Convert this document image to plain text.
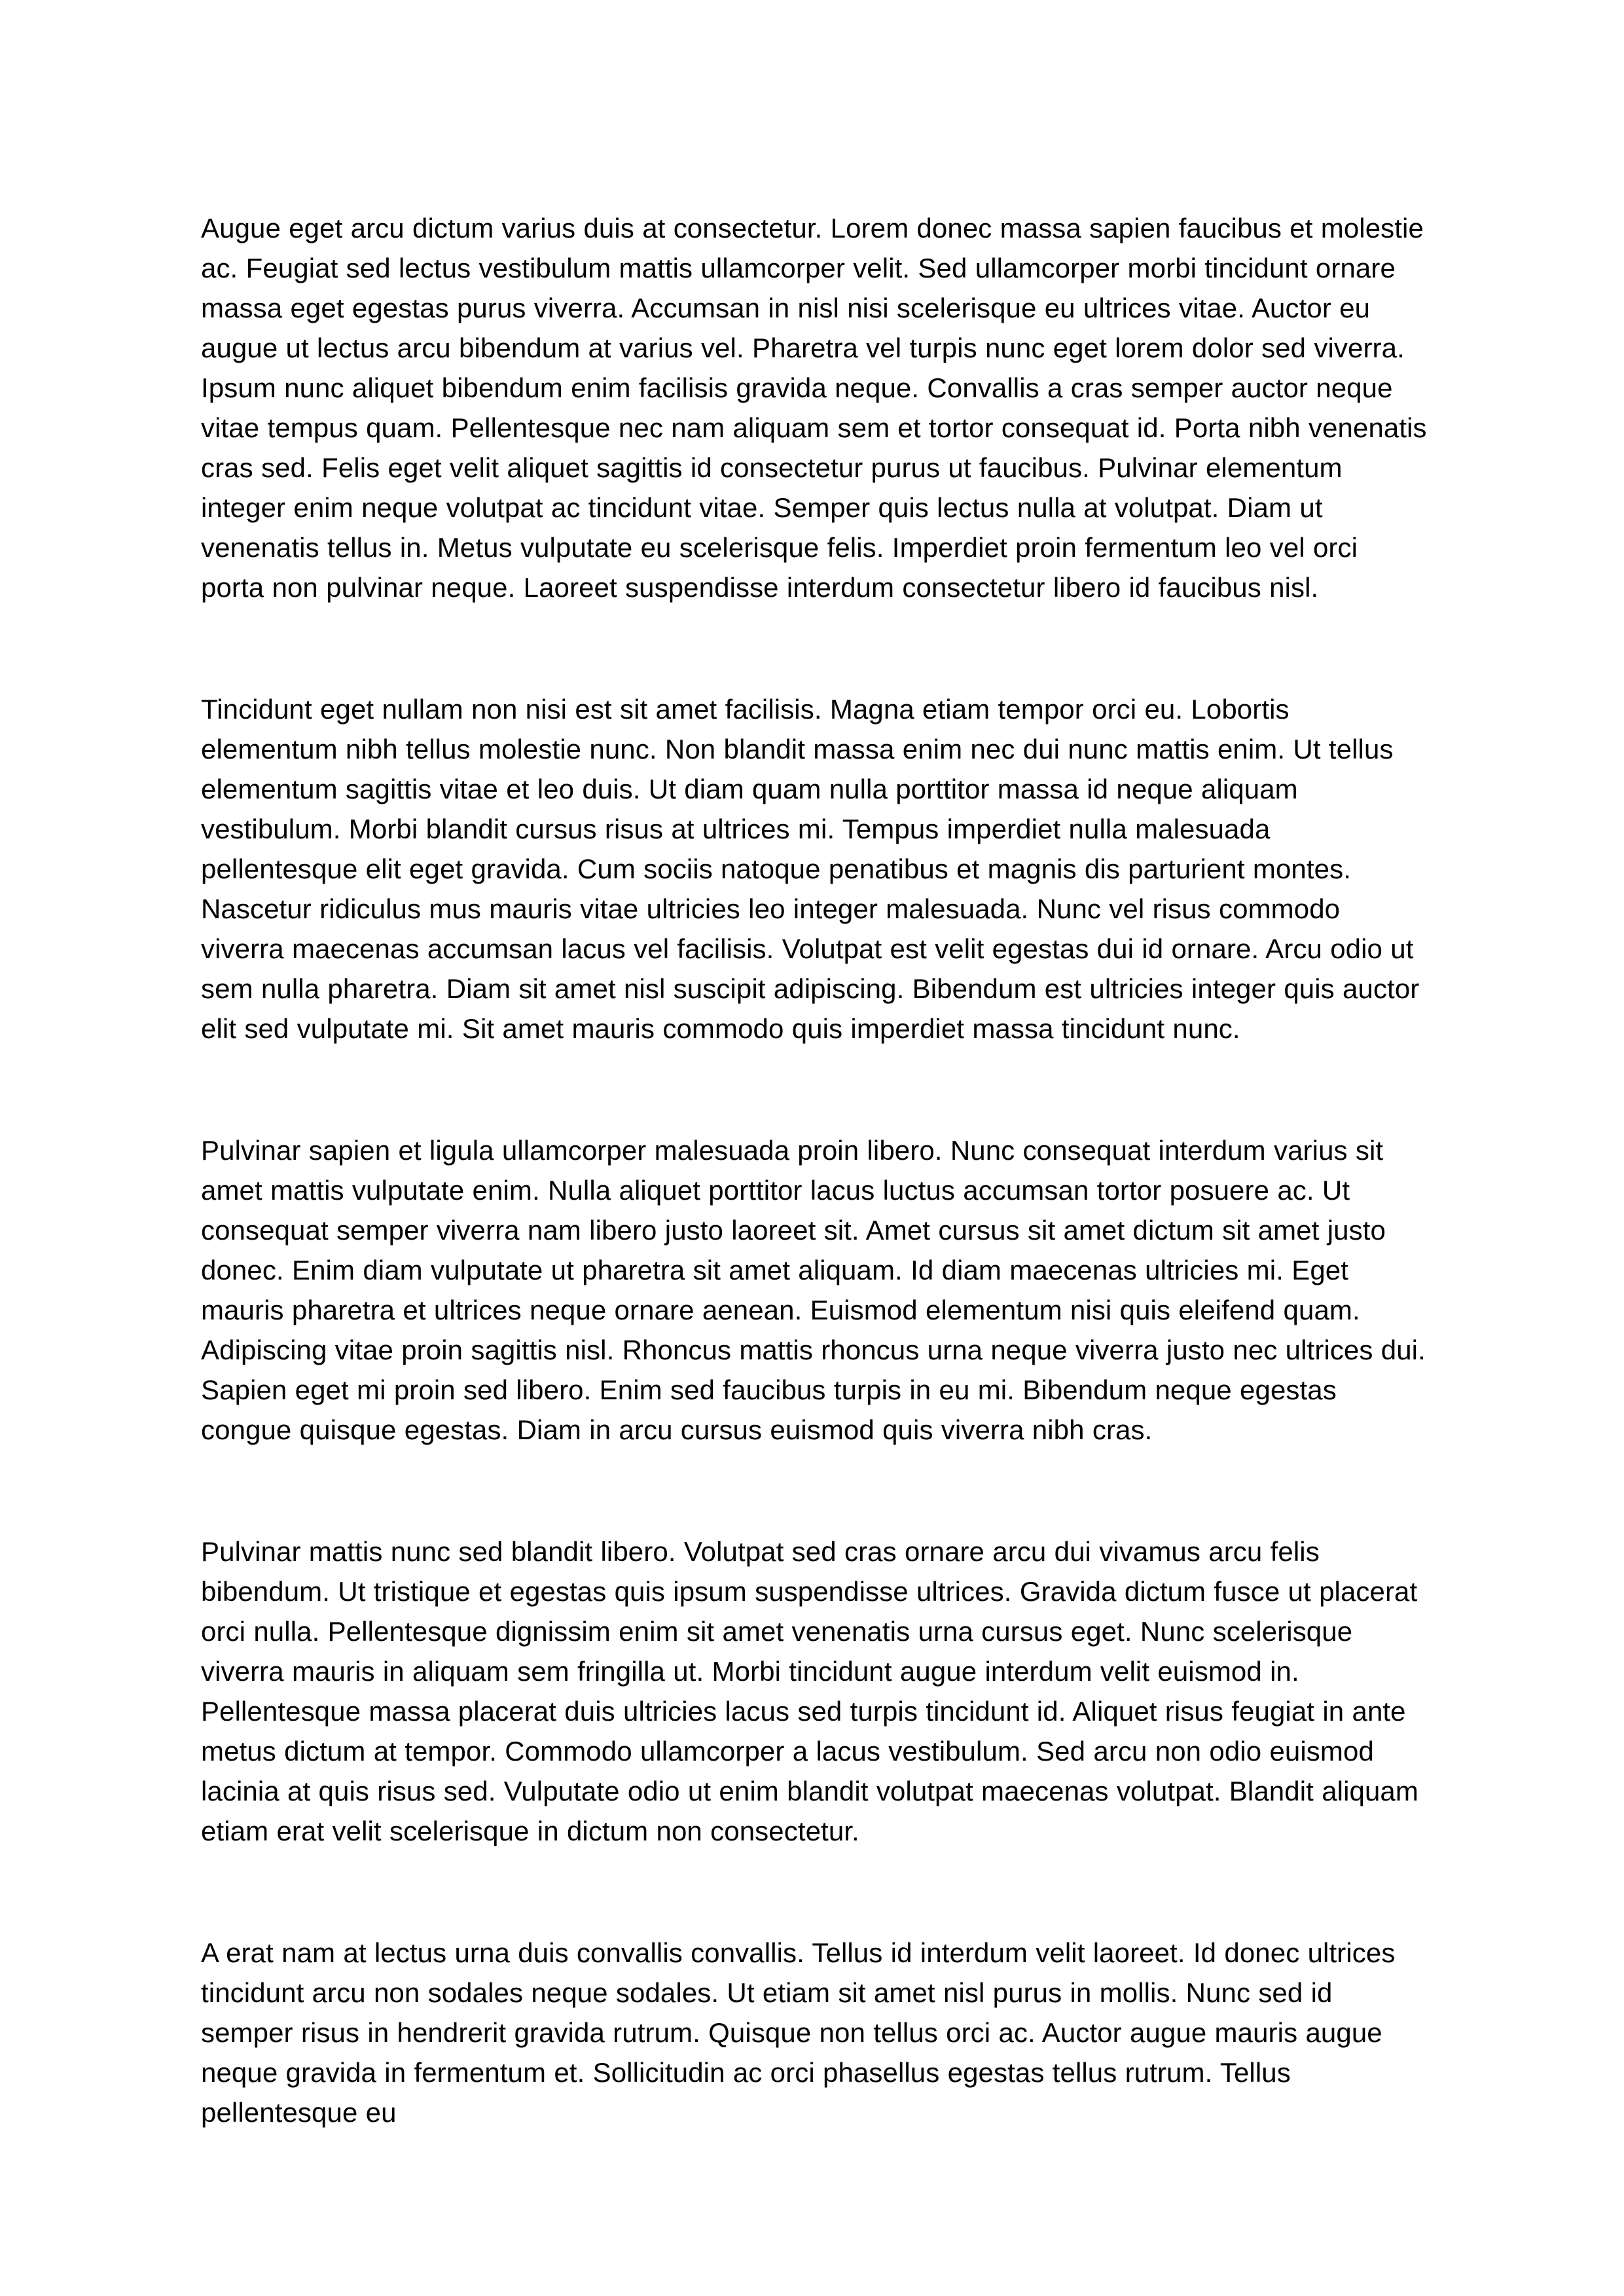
Augue eget arcu dictum varius duis at consectetur. Lorem donec massa sapien faucibus et molestie ac. Feugiat sed lectus vestibulum mattis ullamcorper velit. Sed ullamcorper morbi tincidunt ornare massa eget egestas purus viverra. Accumsan in nisl nisi scelerisque eu ultrices vitae. Auctor eu augue ut lectus arcu bibendum at varius vel. Pharetra vel turpis nunc eget lorem dolor sed viverra. Ipsum nunc aliquet bibendum enim facilisis gravida neque. Convallis a cras semper auctor neque vitae tempus quam. Pellentesque nec nam aliquam sem et tortor consequat id. Porta nibh venenatis cras sed. Felis eget velit aliquet sagittis id consectetur purus ut faucibus. Pulvinar elementum integer enim neque volutpat ac tincidunt vitae. Semper quis lectus nulla at volutpat. Diam ut venenatis tellus in. Metus vulputate eu scelerisque felis. Imperdiet proin fermentum leo vel orci porta non pulvinar neque. Laoreet suspendisse interdum consectetur libero id faucibus nisl.

Tincidunt eget nullam non nisi est sit amet facilisis. Magna etiam tempor orci eu. Lobortis elementum nibh tellus molestie nunc. Non blandit massa enim nec dui nunc mattis enim. Ut tellus elementum sagittis vitae et leo duis. Ut diam quam nulla porttitor massa id neque aliquam vestibulum. Morbi blandit cursus risus at ultrices mi. Tempus imperdiet nulla malesuada pellentesque elit eget gravida. Cum sociis natoque penatibus et magnis dis parturient montes. Nascetur ridiculus mus mauris vitae ultricies leo integer malesuada. Nunc vel risus commodo viverra maecenas accumsan lacus vel facilisis. Volutpat est velit egestas dui id ornare. Arcu odio ut sem nulla pharetra. Diam sit amet nisl suscipit adipiscing. Bibendum est ultricies integer quis auctor elit sed vulputate mi. Sit amet mauris commodo quis imperdiet massa tincidunt nunc.

Pulvinar sapien et ligula ullamcorper malesuada proin libero. Nunc consequat interdum varius sit amet mattis vulputate enim. Nulla aliquet porttitor lacus luctus accumsan tortor posuere ac. Ut consequat semper viverra nam libero justo laoreet sit. Amet cursus sit amet dictum sit amet justo donec. Enim diam vulputate ut pharetra sit amet aliquam. Id diam maecenas ultricies mi. Eget mauris pharetra et ultrices neque ornare aenean. Euismod elementum nisi quis eleifend quam. Adipiscing vitae proin sagittis nisl. Rhoncus mattis rhoncus urna neque viverra justo nec ultrices dui. Sapien eget mi proin sed libero. Enim sed faucibus turpis in eu mi. Bibendum neque egestas congue quisque egestas. Diam in arcu cursus euismod quis viverra nibh cras.

Pulvinar mattis nunc sed blandit libero. Volutpat sed cras ornare arcu dui vivamus arcu felis bibendum. Ut tristique et egestas quis ipsum suspendisse ultrices. Gravida dictum fusce ut placerat orci nulla. Pellentesque dignissim enim sit amet venenatis urna cursus eget. Nunc scelerisque viverra mauris in aliquam sem fringilla ut. Morbi tincidunt augue interdum velit euismod in. Pellentesque massa placerat duis ultricies lacus sed turpis tincidunt id. Aliquet risus feugiat in ante metus dictum at tempor. Commodo ullamcorper a lacus vestibulum. Sed arcu non odio euismod lacinia at quis risus sed. Vulputate odio ut enim blandit volutpat maecenas volutpat. Blandit aliquam etiam erat velit scelerisque in dictum non consectetur.

A erat nam at lectus urna duis convallis convallis. Tellus id interdum velit laoreet. Id donec ultrices tincidunt arcu non sodales neque sodales. Ut etiam sit amet nisl purus in mollis. Nunc sed id semper risus in hendrerit gravida rutrum. Quisque non tellus orci ac. Auctor augue mauris augue neque gravida in fermentum et. Sollicitudin ac orci phasellus egestas tellus rutrum. Tellus pellentesque eu
